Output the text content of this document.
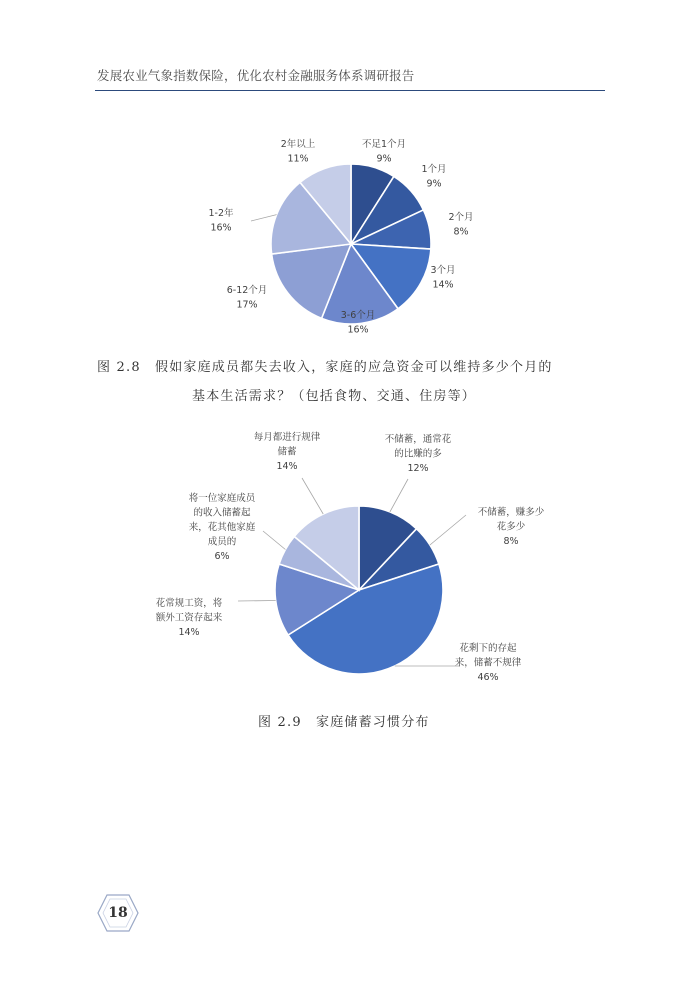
发展农业气象指数保险，优化农村金融服务体系调研报告
不足1个月 9%
1个月 9%
2个月 8%
3个月 14%
3-6个月 16%
6-12个月 17%
1-2年 16%
2年以上 11%
不储蓄，通常花的比赚的多 12%
不储蓄，赚多少花多少 8%
花剩下的存起来，储蓄不规律 46%
花常规工资，将额外工资存起来 14%
将一位家庭成员的收入储蓄起来，花其他家庭成员的 6%
每月都进行规律储蓄 14%
图 2.8　假如家庭成员都失去收入，家庭的应急资金可以维持多少个月的
基本生活需求？（包括食物、交通、住房等）
图 2.9　家庭储蓄习惯分布
18
